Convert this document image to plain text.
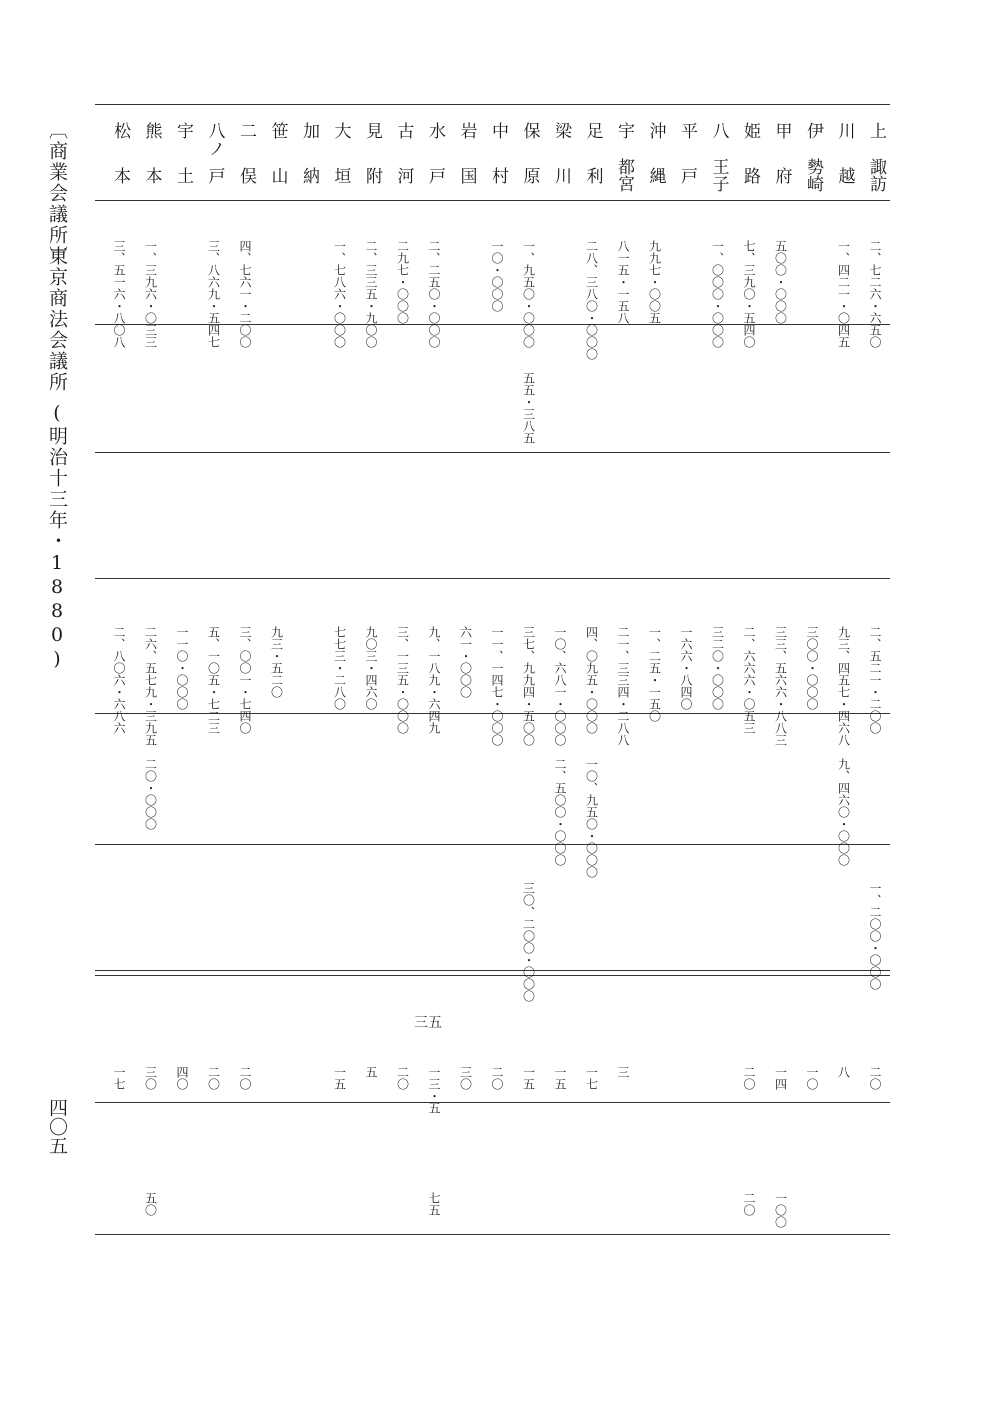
〔商業会議所〕
東京商法会議所
(明治十三年・1880)
四〇五
三五
上
諏訪
二、七二六・六五〇
二、五二一・二〇〇
一、二〇〇・〇〇〇
二〇
川
越
一、四二一・〇四五
九三、四五七・四六八
九、四六〇・〇〇〇
八
伊
勢崎
三〇〇・〇〇〇
一〇
甲
府
五〇〇・〇〇〇
三三、五六六・八八三
一四
一〇〇
姫
路
七、三九〇・五四〇
二、六六六・〇五三
二〇
二〇
八
王子
一、〇〇〇・〇〇〇
三二〇・〇〇〇
平
戸
一六六・八四〇
沖
縄
九九七・〇〇五
一、二五・一五〇
宇
都宮
八一五・一五八
二一、三三四・二八八
三
足
利
二八、三八〇・〇〇〇
四、〇九五・〇〇〇
一〇、九五〇・〇〇〇
一七
梁
川
一〇、六八一・〇〇〇
二、五〇〇・〇〇〇
一五
保
原
一、九五〇・〇〇〇
五五・三八五
三七、九九四・五〇〇
三〇、二〇〇・〇〇〇
一五
中
村
一〇・〇〇〇
一一、一四七・〇〇〇
二〇
岩
国
六一・〇〇〇
三〇
水
戸
二、二五〇・〇〇〇
九、一八九・六四九
一三・五
七五
古
河
二九七・〇〇〇
三、一三五・〇〇〇
二〇
見
附
二、三三五・九〇〇
九〇三・四六〇
五
大
垣
一、七八六・〇〇〇
七七三・二八〇
一五
加
納
笹
山
九三・五二〇
二
俣
四、七六一・二〇〇
三、〇〇一・七四〇
二〇
八ノ
戸
三、八六九・五四七
五、一〇五・七二三
二〇
宇
土
一一〇・〇〇〇
四〇
熊
本
一、三九六・〇三三
二六、五七九・三九五
二〇・〇〇〇
三〇
五〇
松
本
三、五一六・八〇八
二、八〇六・六八六
一七
